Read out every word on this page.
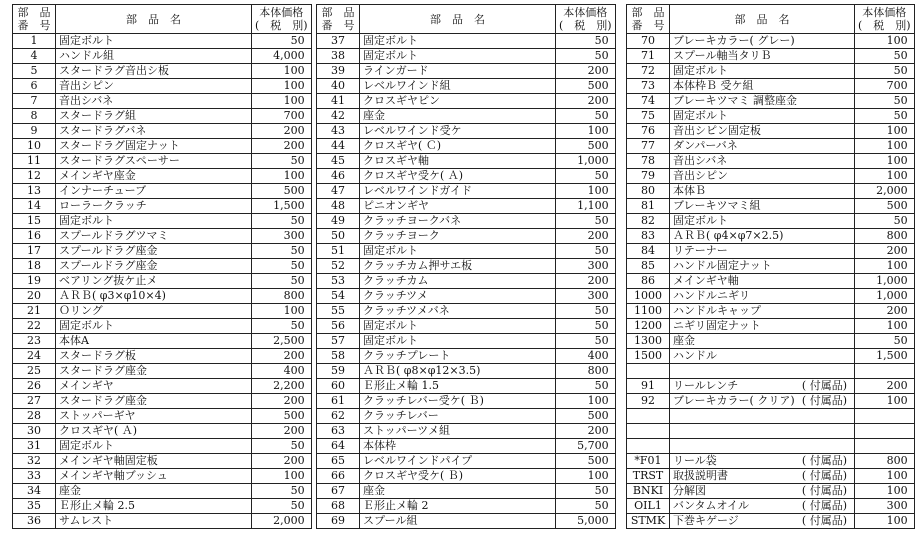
部　品
番　号	部　品　名	本体価格
(　税　別)
1	固定ボルト	50
4	ハンドル組	4,000
5	スタードラグ音出シ板	100
6	音出シピン	100
7	音出シバネ	100
8	スタードラグ組	700
9	スタードラグバネ	200
10	スタードラグ固定ナット	200
11	スタードラグスペーサー	50
12	メインギヤ座金	100
13	インナーチューブ	500
14	ローラークラッチ	1,500
15	固定ボルト	50
16	スプールドラグツマミ	300
17	スプールドラグ座金	50
18	スプールドラグ座金	50
19	ベアリング抜ケ止メ	50
20	ＡＲＢ( φ3×φ10×4)	800
21	Ｏリング	100
22	固定ボルト	50
23	本体A	2,500
24	スタードラグ板	200
25	スタードラグ座金	400
26	メインギヤ	2,200
27	スタードラグ座金	200
28	ストッパーギヤ	500
30	クロスギヤ( Ａ)	200
31	固定ボルト	50
32	メインギヤ軸固定板	200
33	メインギヤ軸ブッシュ	100
34	座金	50
35	Ｅ形止メ輪 2.5	50
36	サムレスト	2,000
部　品
番　号	部　品　名	本体価格
(　税　別)
37	固定ボルト	50
38	固定ボルト	50
39	ラインガード	200
40	レベルワインド組	500
41	クロスギヤピン	200
42	座金	50
43	レベルワインド受ケ	100
44	クロスギヤ( Ｃ)	500
45	クロスギヤ軸	1,000
46	クロスギヤ受ケ( Ａ)	50
47	レベルワインドガイド	100
48	ピニオンギヤ	1,100
49	クラッチヨークバネ	50
50	クラッチヨーク	200
51	固定ボルト	50
52	クラッチカム押サエ板	300
53	クラッチカム	200
54	クラッチツメ	300
55	クラッチツメバネ	50
56	固定ボルト	50
57	固定ボルト	50
58	クラッチプレート	400
59	ＡＲＢ( φ8×φ12×3.5)	800
60	Ｅ形止メ輪 1.5	50
61	クラッチレバー受ケ( Ｂ)	100
62	クラッチレバー	500
63	ストッパーツメ組	200
64	本体枠	5,700
65	レベルワインドパイプ	500
66	クロスギヤ受ケ( Ｂ)	100
67	座金	50
68	Ｅ形止メ輪 2	50
69	スプール組	5,000
部　品
番　号	部　品　名	本体価格
(　税　別)
70	ブレーキカラー( グレー)	100
71	スプール軸当タリＢ	50
72	固定ボルト	50
73	本体枠Ｂ 受ケ組	700
74	ブレーキツマミ 調整座金	50
75	固定ボルト	50
76	音出シピン固定板	100
77	ダンパーバネ	100
78	音出シバネ	100
79	音出シピン	100
80	本体Ｂ	2,000
81	ブレーキツマミ組	500
82	固定ボルト	50
83	ＡＲＢ( φ4×φ7×2.5)	800
84	リテーナー	200
85	ハンドル固定ナット	100
86	メインギヤ軸	1,000
1000	ハンドルニギリ	1,000
1100	ハンドルキャップ	200
1200	ニギリ固定ナット	100
1300	座金	50
1500	ハンドル	1,500

91	リールレンチ ( 付属品)	200
92	ブレーキカラー( クリア) ( 付属品)	100

*F01	リール袋 ( 付属品)	800
TRST	取扱説明書 ( 付属品)	100
BNKI	分解図 ( 付属品)	100
OIL1	バンタムオイル ( 付属品)	300
STMK	下巻キゲージ ( 付属品)	100
